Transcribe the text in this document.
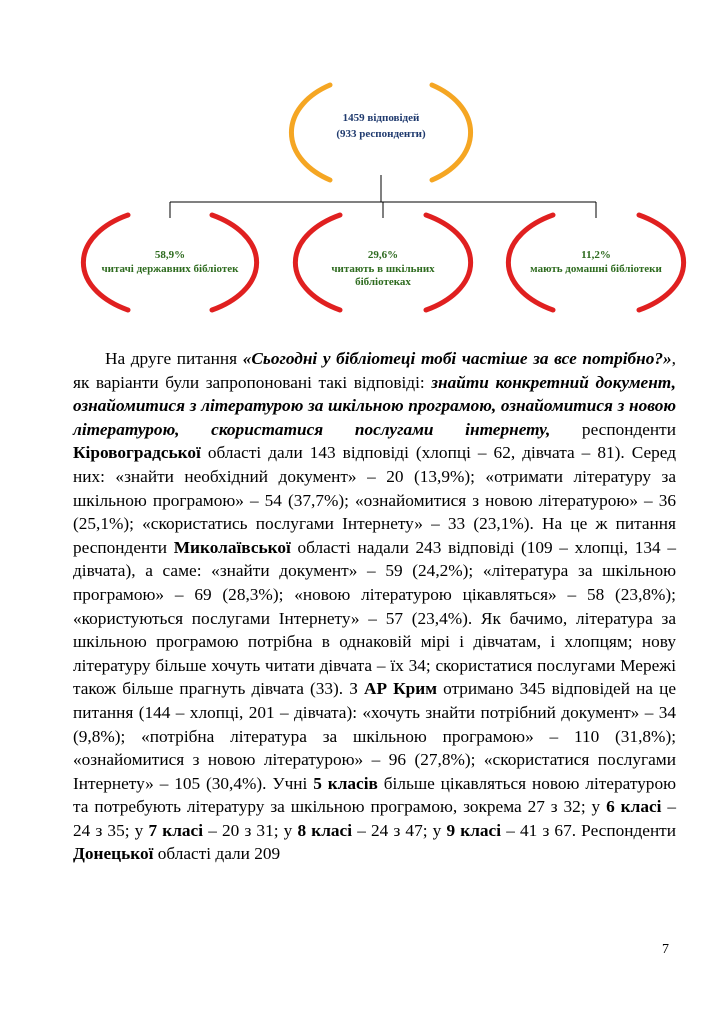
1459 відповідей
(933 респонденти)
58,9%
читачі державних бібліотек
29,6%
читають в шкільних
бібліотеках
11,2%
мають домашні бібліотеки

На друге питання «Сьогодні у бібліотеці тобі частіше за все потрібно?», як варіанти були запропоновані такі відповіді: знайти конкретний документ, ознайомитися з літературою за шкільною програмою, ознайомитися з новою літературою, скористатися послугами інтернету, респонденти Кіровоградської області дали 143 відповіді (хлопці – 62, дівчата – 81). Серед них: «знайти необхідний документ» – 20 (13,9%); «отримати літературу за шкільною програмою» – 54 (37,7%); «ознайомитися з новою літературою» – 36 (25,1%); «скористатись послугами Інтернету» – 33 (23,1%). На це ж питання респонденти Миколаївської області надали 243 відповіді (109 – хлопці, 134 – дівчата), а саме: «знайти документ» – 59 (24,2%); «література за шкільною програмою» – 69 (28,3%); «новою літературою цікавляться» – 58 (23,8%); «користуються послугами Інтернету» – 57 (23,4%). Як бачимо, література за шкільною програмою потрібна в однаковій мірі і дівчатам, і хлопцям; нову літературу більше хочуть читати дівчата – їх 34; скористатися послугами Мережі також більше прагнуть дівчата (33). З АР Крим отримано 345 відповідей на це питання (144 – хлопці, 201 – дівчата): «хочуть знайти потрібний документ» – 34 (9,8%); «потрібна література за шкільною програмою» – 110 (31,8%); «ознайомитися з новою літературою» – 96 (27,8%); «скористатися послугами Інтернету» – 105 (30,4%). Учні 5 класів більше цікавляться новою літературою та потребують літературу за шкільною програмою, зокрема 27 з 32; у 6 класі – 24 з 35; у 7 класі – 20 з 31; у 8 класі – 24 з 47; у 9 класі – 41 з 67. Респонденти Донецької області дали 209

7
